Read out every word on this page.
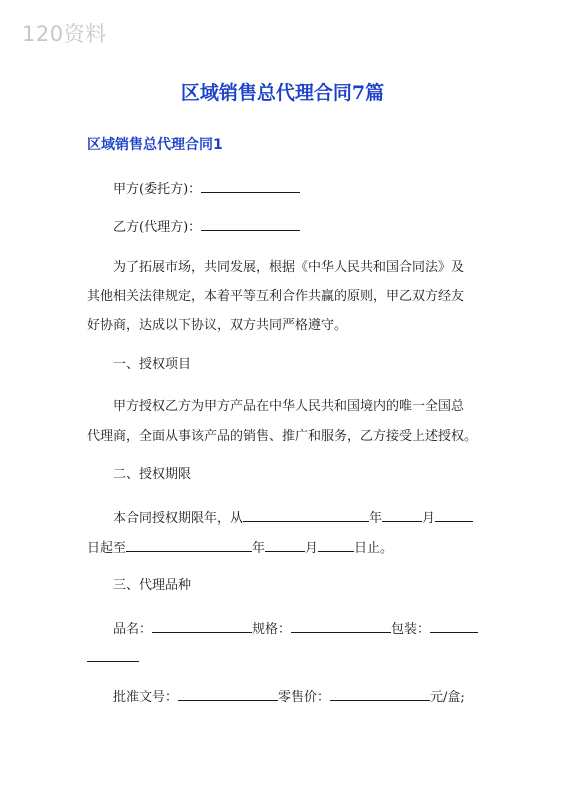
120资料
区域销售总代理合同7篇
区域销售总代理合同1
甲方(委托方)：
乙方(代理方)：
为了拓展市场，共同发展，根据《中华人民共和国合同法》及
其他相关法律规定，本着平等互利合作共赢的原则，甲乙双方经友
好协商，达成以下协议，双方共同严格遵守。
一、授权项目
甲方授权乙方为甲方产品在中华人民共和国境内的唯一全国总
代理商，全面从事该产品的销售、推广和服务，乙方接受上述授权。
二、授权期限
本合同授权期限年，从	年	月
日起至	年	月	日止。
三、代理品种
品名：	规格：	包装：
批准文号：	零售价：	元/盒;
